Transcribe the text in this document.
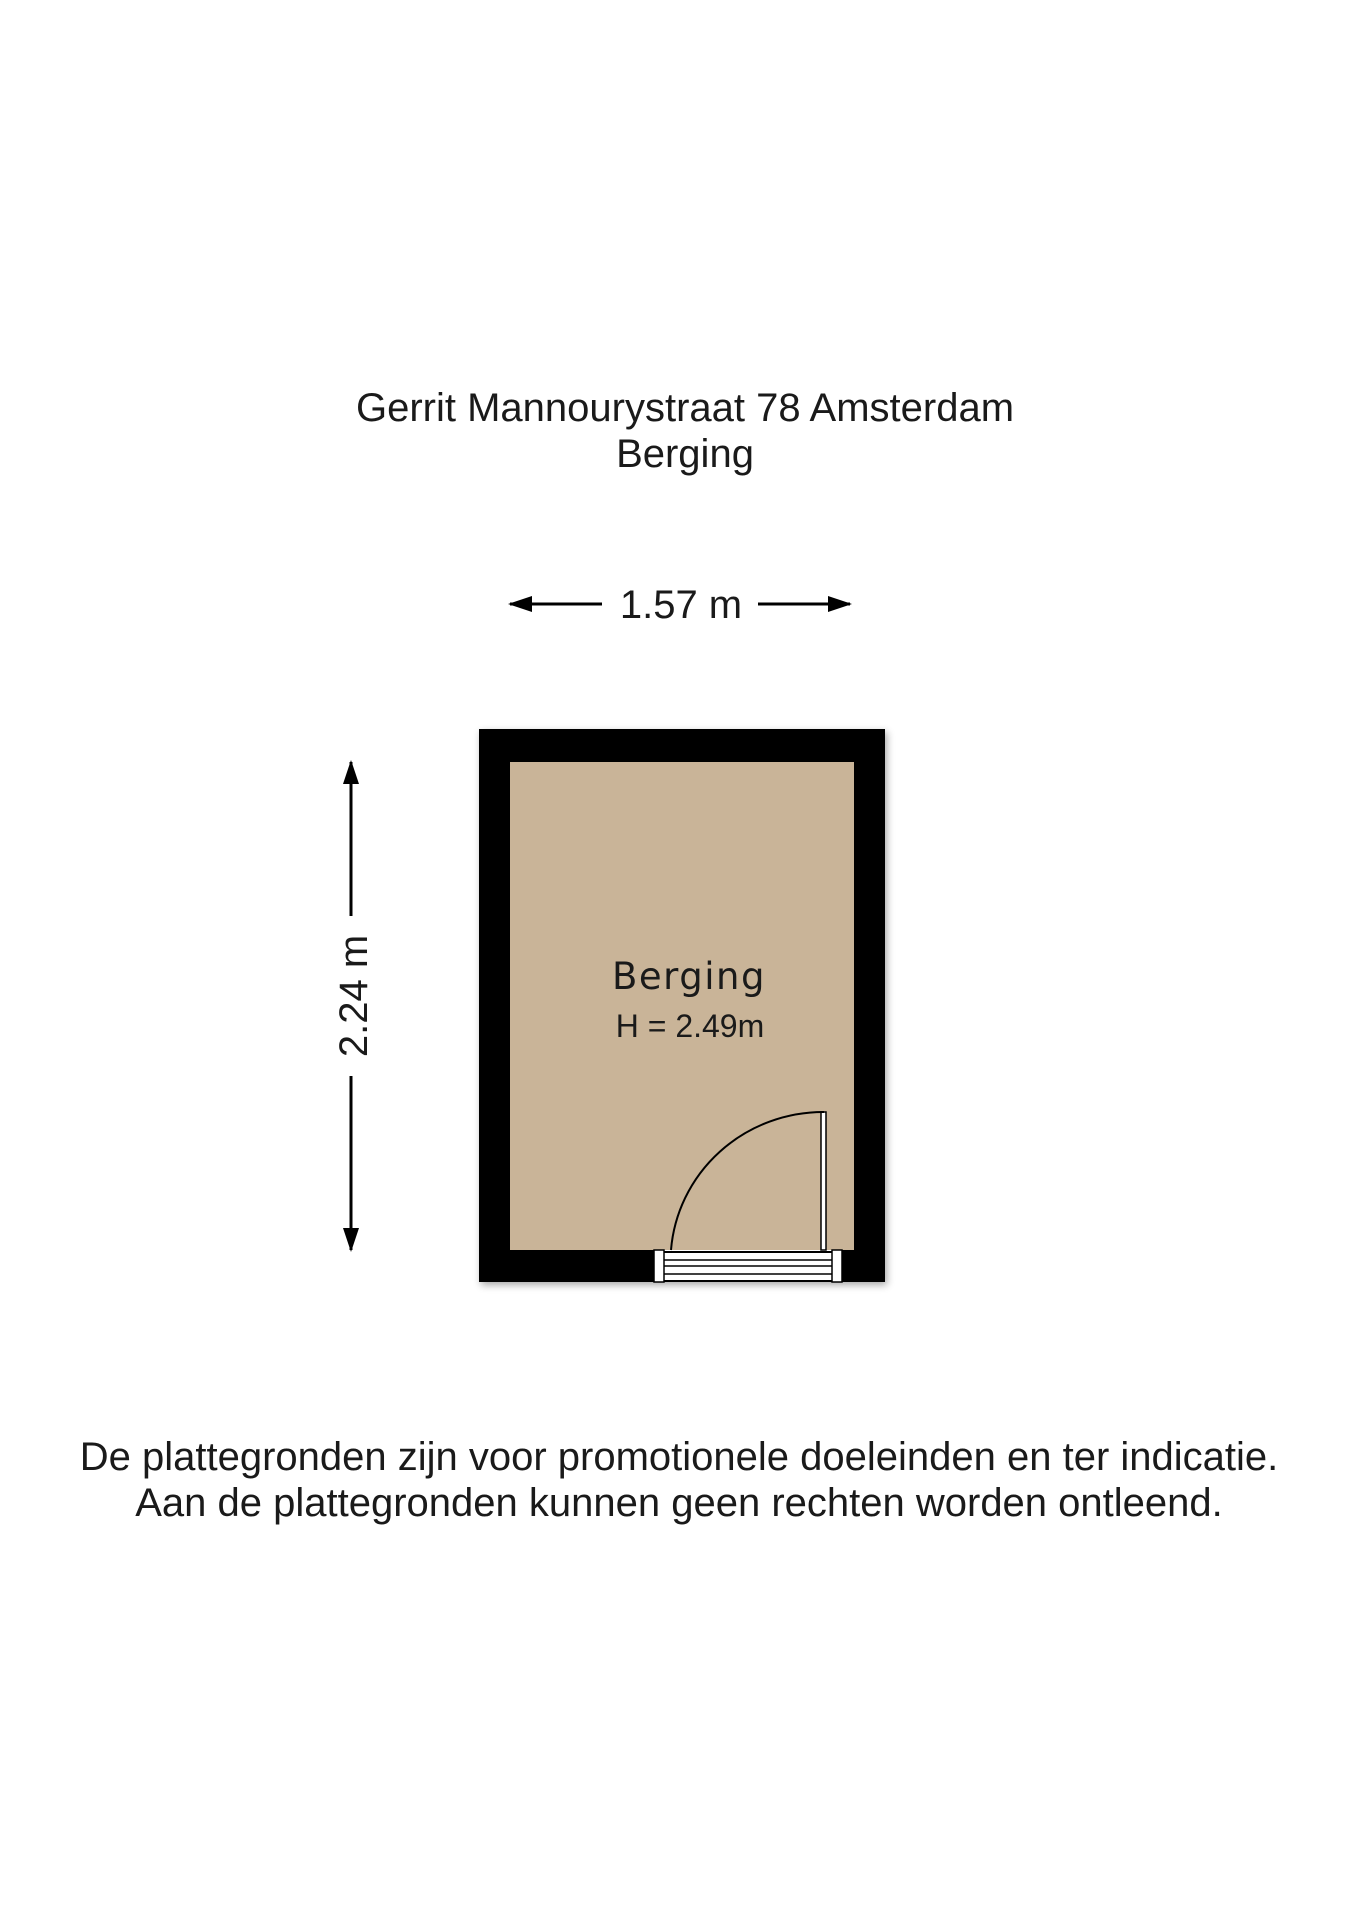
Gerrit Mannourystraat 78 Amsterdam
Berging
1.57 m
2.24 m	Berging
H = 2.49m
De plattegronden zijn voor promotionele doeleinden en ter indicatie.
Aan de plattegronden kunnen geen rechten worden ontleend.
